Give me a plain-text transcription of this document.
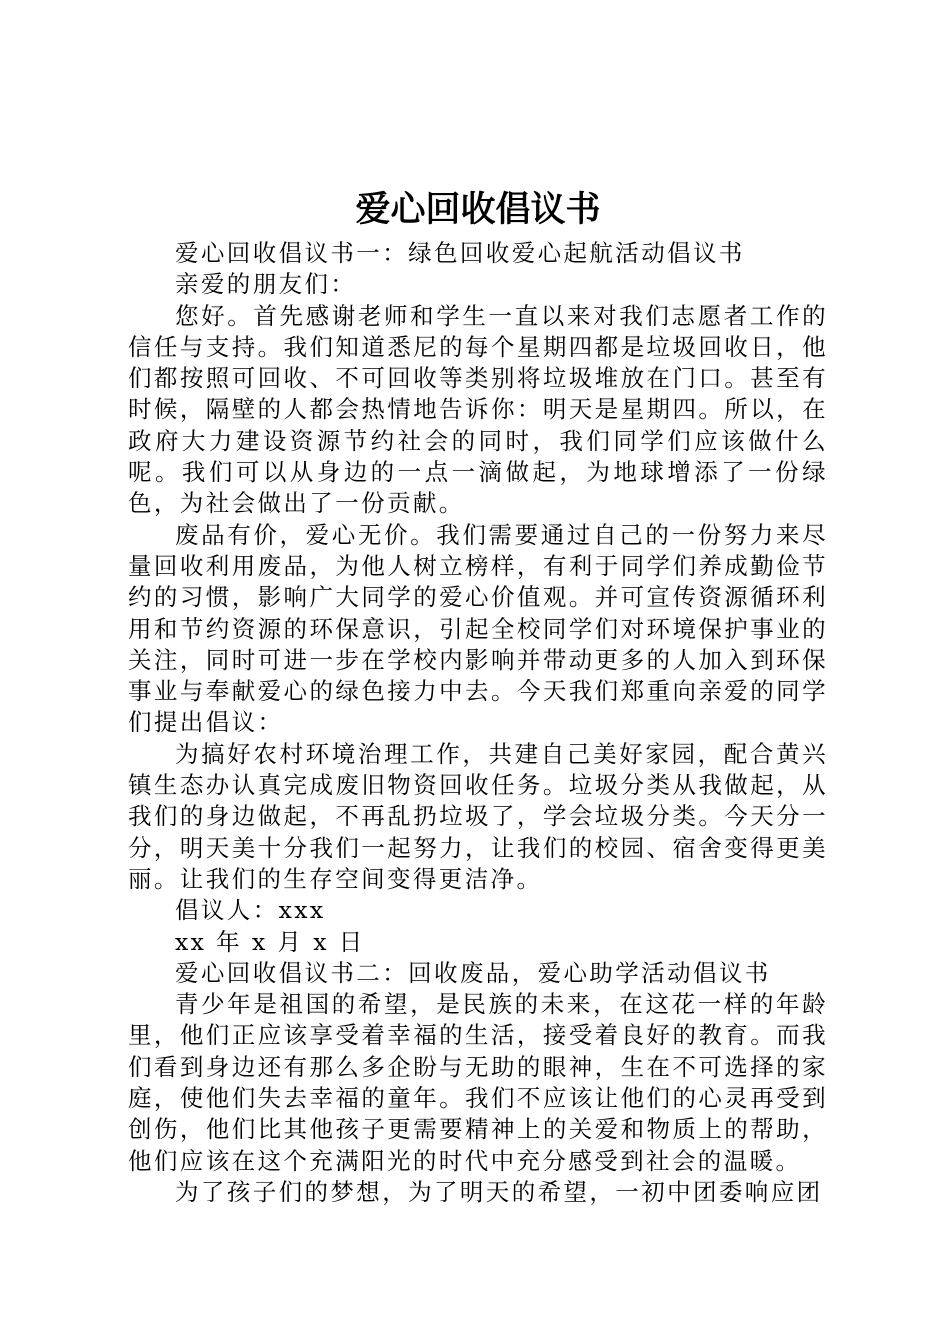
爱心回收倡议书

爱心回收倡议书一：绿色回收爱心起航活动倡议书

亲爱的朋友们：

您好。首先感谢老师和学生一直以来对我们志愿者工作的信任与支持。我们知道悉尼的每个星期四都是垃圾回收日，他们都按照可回收、不可回收等类别将垃圾堆放在门口。甚至有时候，隔壁的人都会热情地告诉你：明天是星期四。所以，在政府大力建设资源节约社会的同时，我们同学们应该做什么呢。我们可以从身边的一点一滴做起，为地球增添了一份绿色，为社会做出了一份贡献。

废品有价，爱心无价。我们需要通过自己的一份努力来尽量回收利用废品，为他人树立榜样，有利于同学们养成勤俭节约的习惯，影响广大同学的爱心价值观。并可宣传资源循环利用和节约资源的环保意识，引起全校同学们对环境保护事业的关注，同时可进一步在学校内影响并带动更多的人加入到环保事业与奉献爱心的绿色接力中去。今天我们郑重向亲爱的同学们提出倡议：

为搞好农村环境治理工作，共建自己美好家园，配合黄兴镇生态办认真完成废旧物资回收任务。垃圾分类从我做起，从我们的身边做起，不再乱扔垃圾了，学会垃圾分类。今天分一分，明天美十分我们一起努力，让我们的校园、宿舍变得更美丽。让我们的生存空间变得更洁净。

倡议人：xxx

xx 年 x 月 x 日

爱心回收倡议书二：回收废品，爱心助学活动倡议书

青少年是祖国的希望，是民族的未来，在这花一样的年龄里，他们正应该享受着幸福的生活，接受着良好的教育。而我们看到身边还有那么多企盼与无助的眼神，生在不可选择的家庭，使他们失去幸福的童年。我们不应该让他们的心灵再受到创伤，他们比其他孩子更需要精神上的关爱和物质上的帮助，他们应该在这个充满阳光的时代中充分感受到社会的温暖。

为了孩子们的梦想，为了明天的希望，一初中团委响应团
